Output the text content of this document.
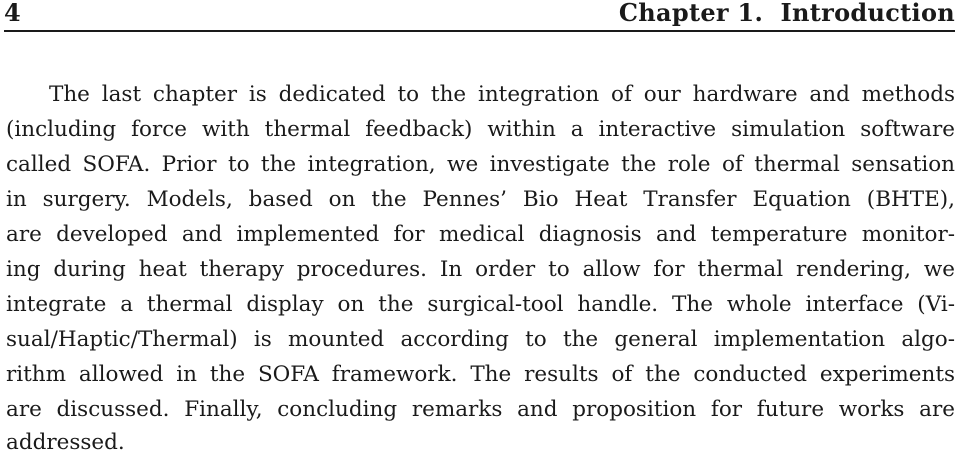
4	Chapter 1.  Introduction
The last chapter is dedicated to the integration of our hardware and methods
(including force with thermal feedback) within a interactive simulation software
called SOFA. Prior to the integration, we investigate the role of thermal sensation
in surgery. Models, based on the Pennes’ Bio Heat Transfer Equation (BHTE),
are developed and implemented for medical diagnosis and temperature monitor-
ing during heat therapy procedures. In order to allow for thermal rendering, we
integrate a thermal display on the surgical-tool handle. The whole interface (Vi-
sual/Haptic/Thermal) is mounted according to the general implementation algo-
rithm allowed in the SOFA framework. The results of the conducted experiments
are discussed. Finally, concluding remarks and proposition for future works are
addressed.
